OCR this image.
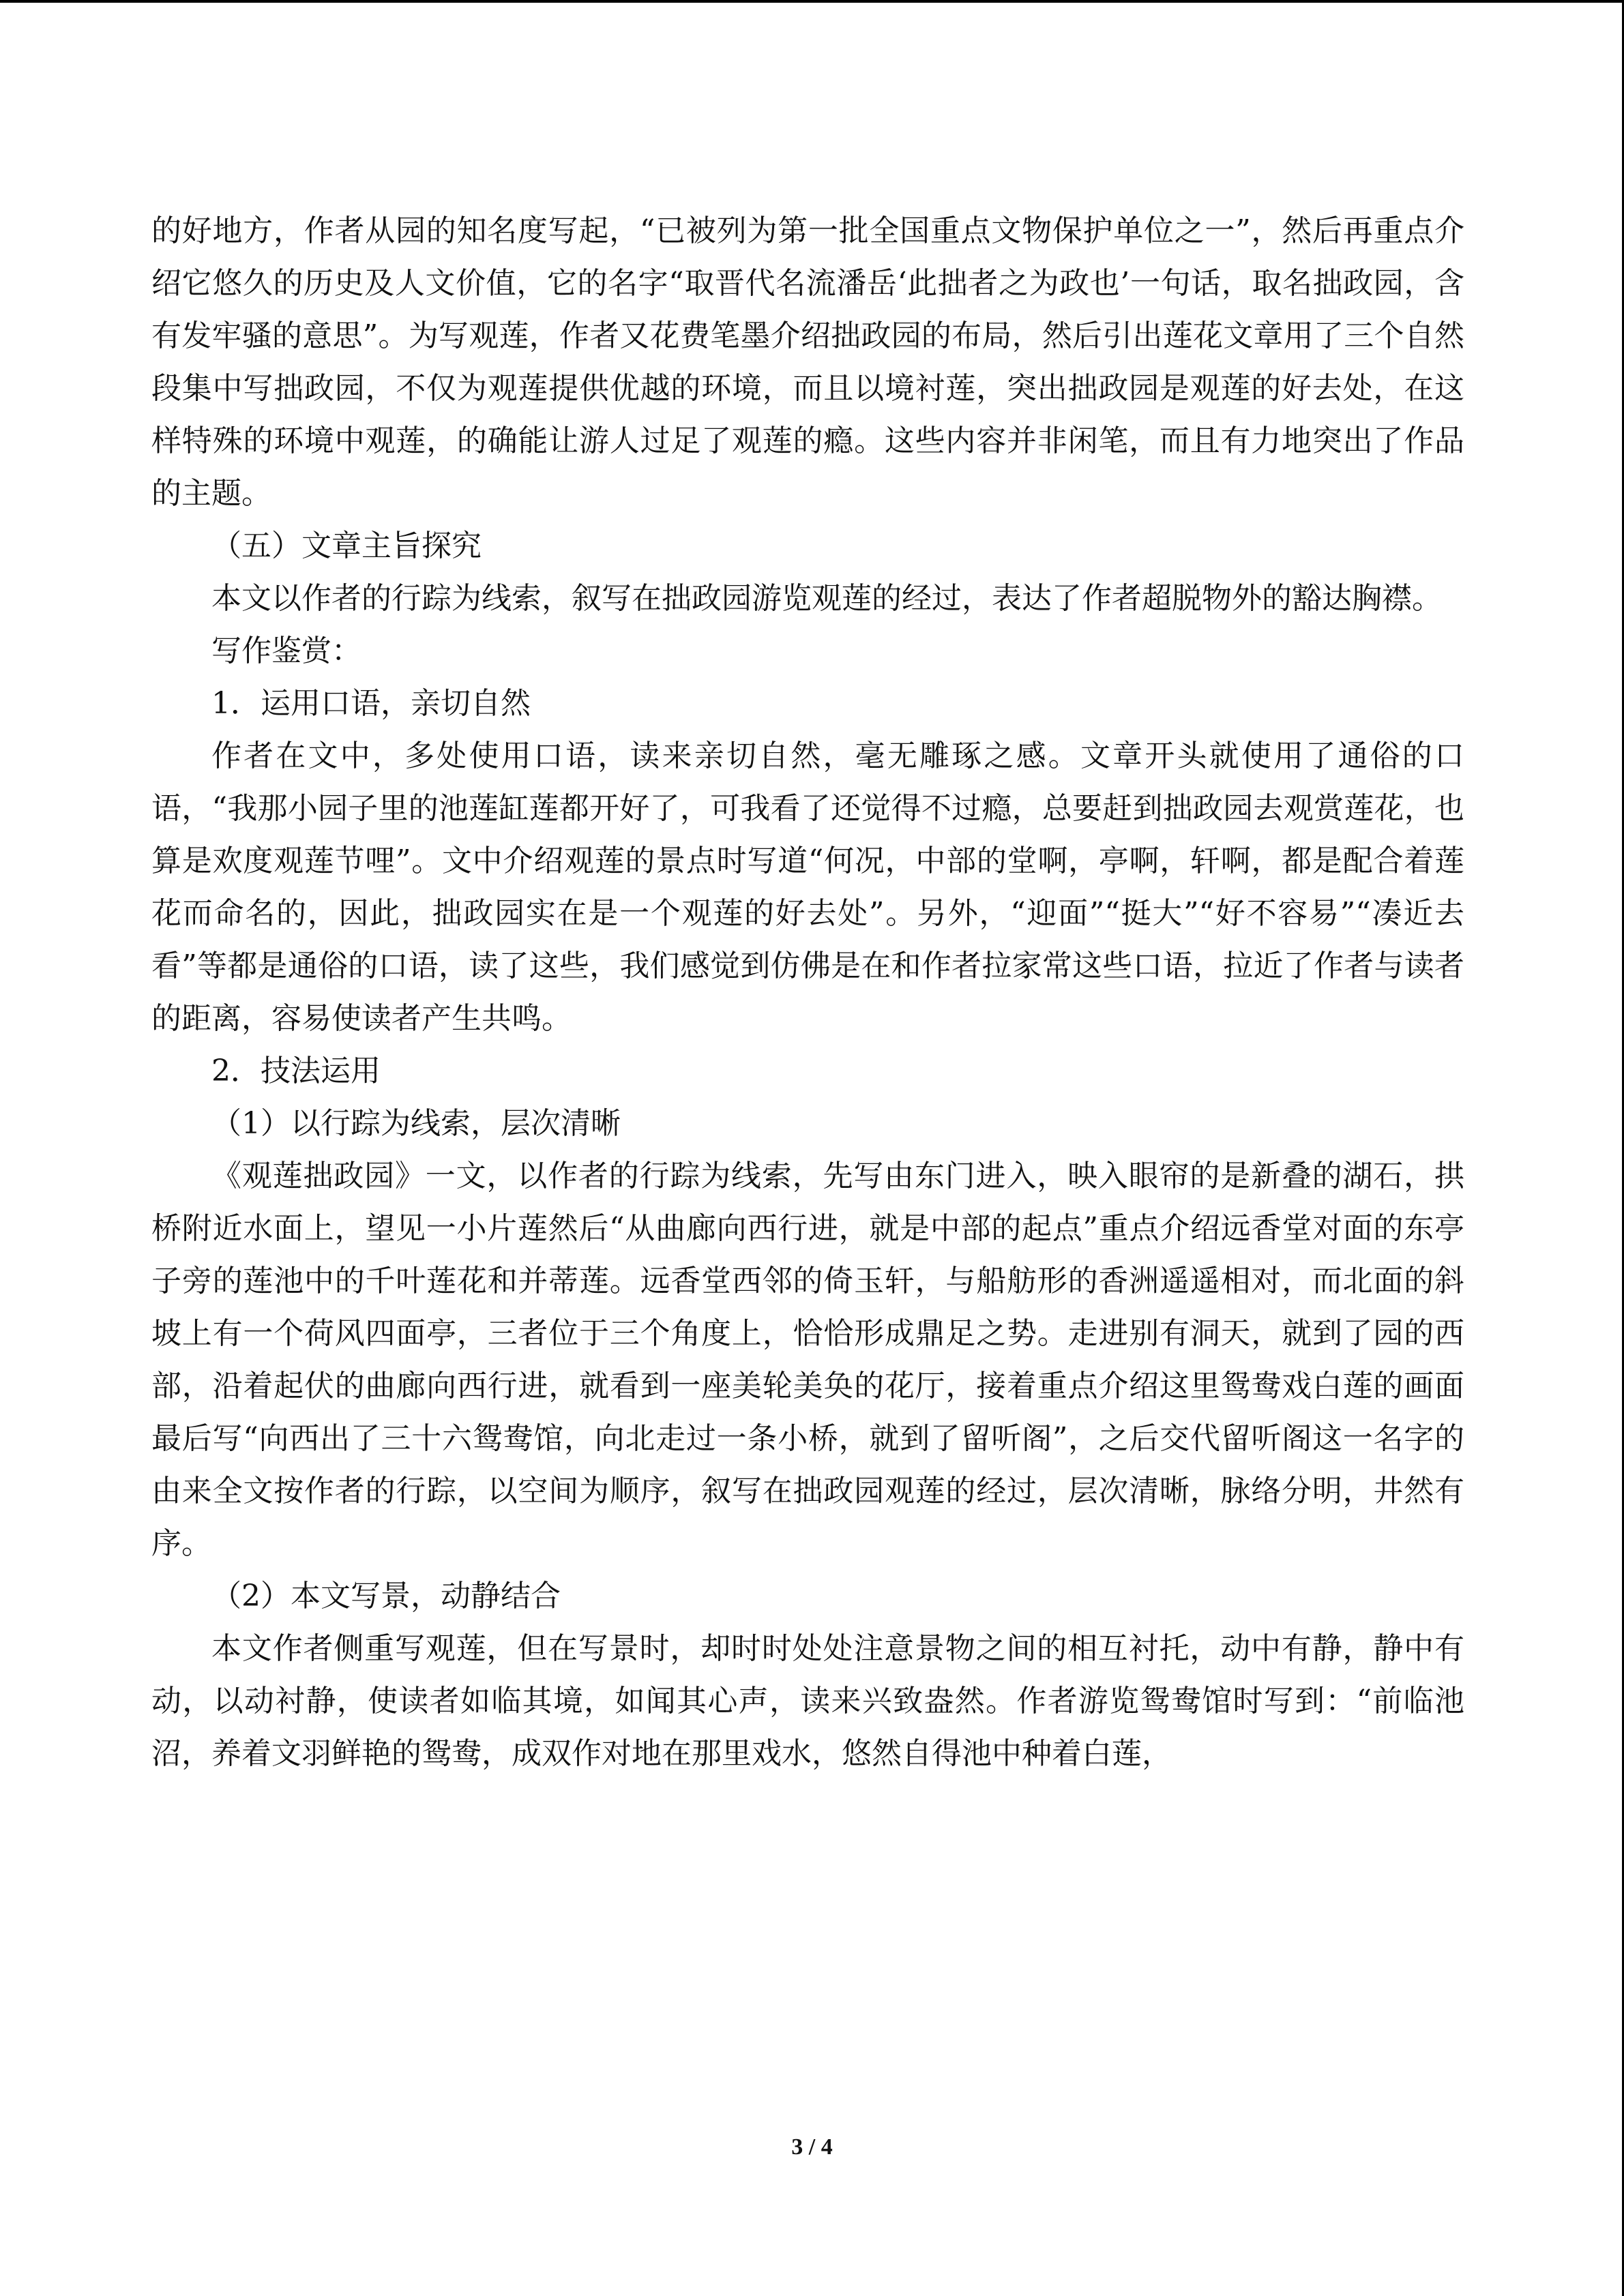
的好地方，作者从园的知名度写起，“已被列为第一批全国重点文物保护单位之一”，然后再重点介绍它悠久的历史及人文价值，它的名字“取晋代名流潘岳‘此拙者之为政也’一句话，取名拙政园，含有发牢骚的意思”。为写观莲，作者又花费笔墨介绍拙政园的布局，然后引出莲花文章用了三个自然段集中写拙政园，不仅为观莲提供优越的环境，而且以境衬莲，突出拙政园是观莲的好去处，在这样特殊的环境中观莲，的确能让游人过足了观莲的瘾。这些内容并非闲笔，而且有力地突出了作品的主题。

（五）文章主旨探究

本文以作者的行踪为线索，叙写在拙政园游览观莲的经过，表达了作者超脱物外的豁达胸襟。

写作鉴赏：

1．运用口语，亲切自然

作者在文中，多处使用口语，读来亲切自然，毫无雕琢之感。文章开头就使用了通俗的口语，“我那小园子里的池莲缸莲都开好了，可我看了还觉得不过瘾，总要赶到拙政园去观赏莲花，也算是欢度观莲节哩”。文中介绍观莲的景点时写道“何况，中部的堂啊，亭啊，轩啊，都是配合着莲花而命名的，因此，拙政园实在是一个观莲的好去处”。另外，“迎面”“挺大”“好不容易”“凑近去看”等都是通俗的口语，读了这些，我们感觉到仿佛是在和作者拉家常这些口语，拉近了作者与读者的距离，容易使读者产生共鸣。

2．技法运用

（1）以行踪为线索，层次清晰

《观莲拙政园》一文，以作者的行踪为线索，先写由东门进入，映入眼帘的是新叠的湖石，拱桥附近水面上，望见一小片莲然后“从曲廊向西行进，就是中部的起点”重点介绍远香堂对面的东亭子旁的莲池中的千叶莲花和并蒂莲。远香堂西邻的倚玉轩，与船舫形的香洲遥遥相对，而北面的斜坡上有一个荷风四面亭，三者位于三个角度上，恰恰形成鼎足之势。走进别有洞天，就到了园的西部，沿着起伏的曲廊向西行进，就看到一座美轮美奂的花厅，接着重点介绍这里鸳鸯戏白莲的画面最后写“向西出了三十六鸳鸯馆，向北走过一条小桥，就到了留听阁”，之后交代留听阁这一名字的由来全文按作者的行踪，以空间为顺序，叙写在拙政园观莲的经过，层次清晰，脉络分明，井然有序。

（2）本文写景，动静结合

本文作者侧重写观莲，但在写景时，却时时处处注意景物之间的相互衬托，动中有静，静中有动，以动衬静，使读者如临其境，如闻其心声，读来兴致盎然。作者游览鸳鸯馆时写到：“前临池沼，养着文羽鲜艳的鸳鸯，成双作对地在那里戏水，悠然自得池中种着白莲，

3 / 4
